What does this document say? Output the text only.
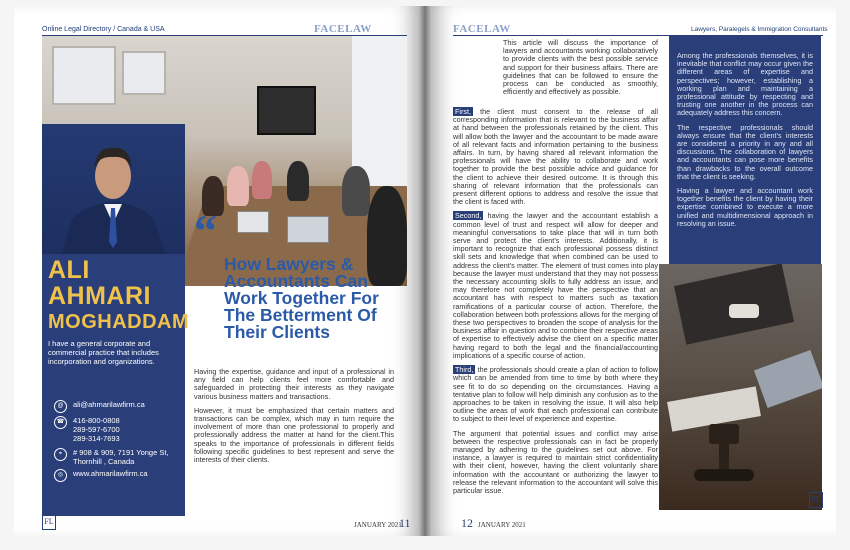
Online Legal Directory / Canada & USA	FACELAW
ALI
AHMARI
MOGHADDAM
I have a general corporate and commercial practice that includes incorporation and organizations.
@	ali@ahmarilawfirm.ca
☎	416-800-0808
289-597-6700
289-314-7693
⌖	# 908 & 909, 7191 Yonge St,
Thornhill , Canada
◎	www.ahmarilawfirm.ca
“
How Lawyers & Accountants Can Work Together For The Betterment Of Their Clients

Having the expertise, guidance and input of a professional in any field can help clients feel more comfortable and safeguarded in protecting their interests as they navigate various business matters and transactions.

However, it must be emphasized that certain matters and transactions can be complex, which may in turn require the involvement of more than one professional to properly and professionally address the matter at hand for the client.This speaks to the importance of professionals in different fields following specific guidelines to best represent and serve the interests of their clients.

FL	JANUARY 2021
11
FACELAW	Lawyers, Paralegels & Immigration Consultants
This article will discuss the importance of lawyers and accountants working collaboratively to provide clients with the best possible service and support for their business affairs. There are guidelines that can be followed to ensure the process can be conducted as smoothly, efficiently and effectively as possible.

First, the client must consent to the release of all corresponding information that is relevant to the business affair at hand between the professionals retained by the client. This will allow both the lawyer and the accountant to be made aware of all relevant facts and information pertaining to the business affairs. In turn, by having shared all relevant information the professionals will have the ability to collaborate and work together to provide the best possible advice and guidance for the client to achieve their desired outcome. It is through this sharing of relevant information that the professionals can present different options to address and resolve the issue that the client is faced with.

Second, having the lawyer and the accountant establish a common level of trust and respect will allow for deeper and meaningful conversations to take place that will in turn both serve and protect the client’s interests. Additionally, it is important to recognize that each professional possess distinct skill sets and knowledge that when combined can be used to address the client’s matter. The element of trust comes into play because the lawyer must understand that they may not possess the necessary accounting skills to fully address an issue, and may therefore not completely have the perspective that an accountant has with respect to matters such as taxation ramifications of a particular course of action. Therefore, the collaboration between both professions allows for the merging of these two perspectives to broaden the scope of analysis for the business affair in question and to combine their respective areas of expertise to effectively advise the client on a specific matter having regard to both the legal and the financial/accounting implications of a specific course of action.

Third, the professionals should create a plan of action to follow which can be amended from time to time by both where they see fit to do so depending on the circumstances. Having a tentative plan to follow will help diminish any confusion as to the approaches to be taken in resolving the issue. It will also help outline the areas of work that each professional can contribute to subject to their level of experience and expertise.

The argument that potential issues and conflict may arise between the respective professionals can in fact be properly managed by adhering to the guidelines set out above. For instance, a lawyer is required to maintain strict confidentiality with their client, however, having the client voluntarily share information with the accountant or authorizing the lawyer to release the relevant information to the accountant will solve this particular issue.

Among the professionals themselves, it is inevitable that conflict may occur given the different areas of expertise and perspectives; however, establishing a working plan and maintaining a professional attitude by respecting and trusting one another in the process can adequately address this concern.

The respective professionals should always ensure that the client’s interests are considered a priority in any and all discussions. The collaboration of lawyers and accountants can pose more benefits than drawbacks to the overall outcome that the client is seeking.

Having a lawyer and accountant work together benefits the client by having their expertise combined to execute a more unified and multidimensional approach in resolving an issue.

12 JANUARY 2021
FL
